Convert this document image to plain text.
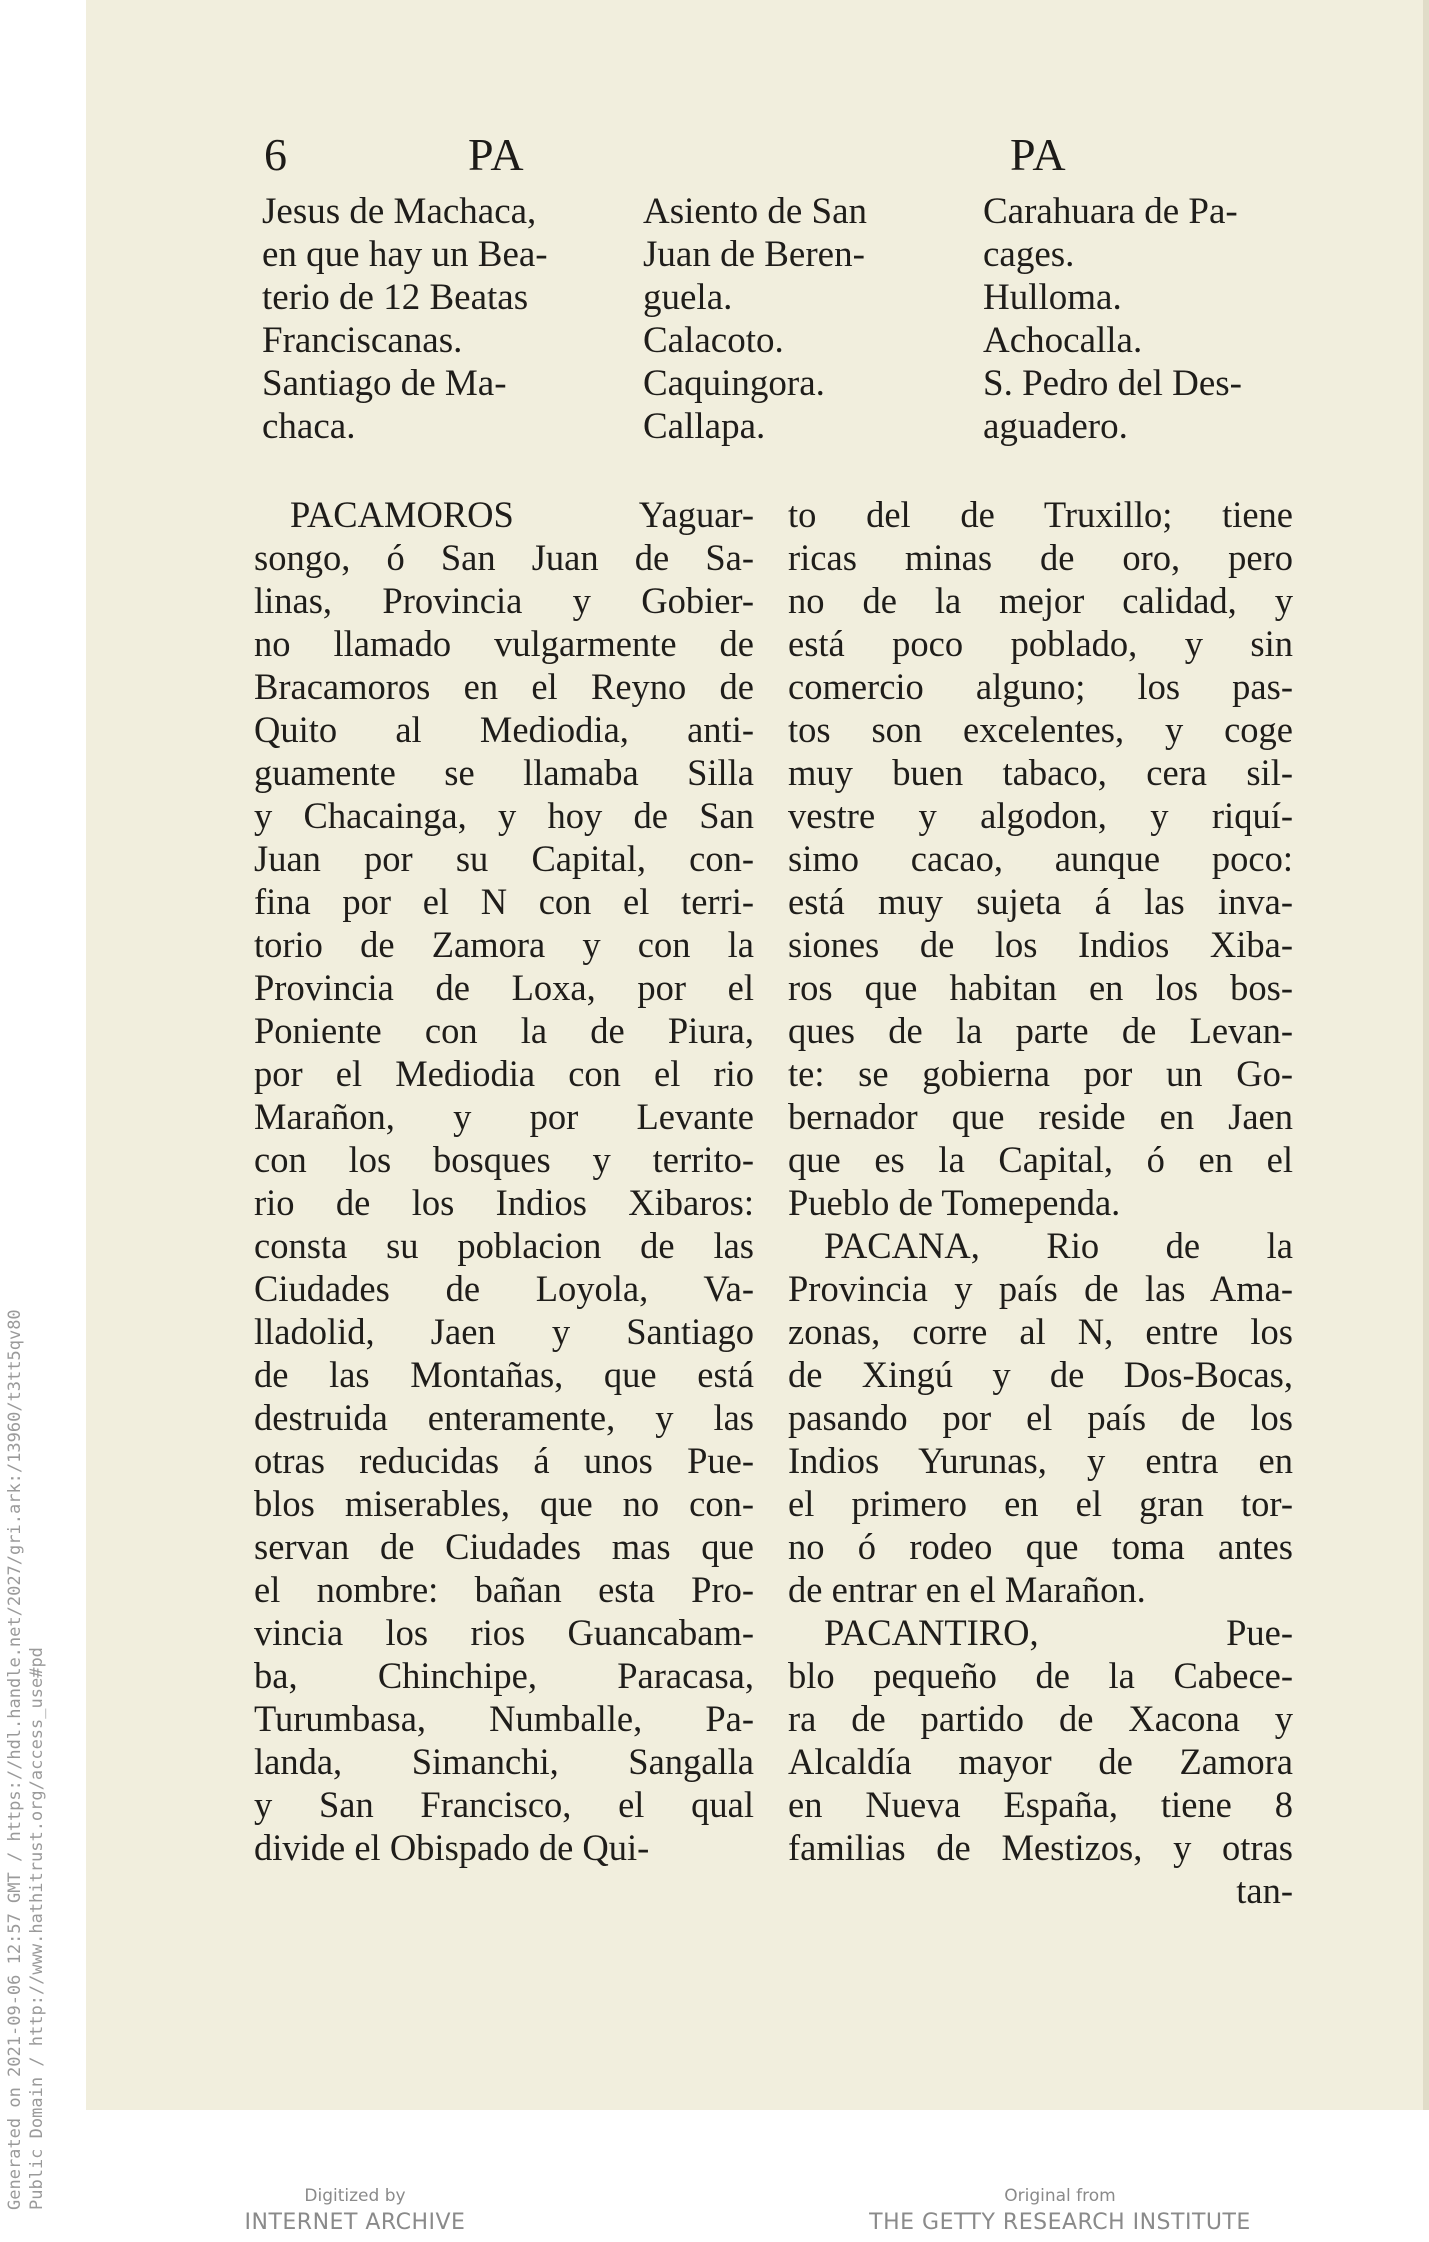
6	PA	PA
Jesus de Machaca,
en que hay un Bea-
terio de 12 Beatas
Franciscanas.
Santiago de Ma-
chaca.
Asiento de San
Juan de Beren-
guela.
Calacoto.
Caquingora.
Callapa.
Carahuara de Pa-
cages.
Hulloma.
Achocalla.
S. Pedro del Des-
aguadero.
PACAMOROS Yaguar-
songo, ó San Juan de Sa-
linas, Provincia y Gobier-
no llamado vulgarmente de
Bracamoros en el Reyno de
Quito al Mediodia, anti-
guamente se llamaba Silla
y Chacainga, y hoy de San
Juan por su Capital, con-
fina por el N con el terri-
torio de Zamora y con la
Provincia de Loxa, por el
Poniente con la de Piura,
por el Mediodia con el rio
Marañon, y por Levante
con los bosques y territo-
rio de los Indios Xibaros:
consta su poblacion de las
Ciudades de Loyola, Va-
lladolid, Jaen y Santiago
de las Montañas, que está
destruida enteramente, y las
otras reducidas á unos Pue-
blos miserables, que no con-
servan de Ciudades mas que
el nombre: bañan esta Pro-
vincia los rios Guancabam-
ba, Chinchipe, Paracasa,
Turumbasa, Numballe, Pa-
landa, Simanchi, Sangalla
y San Francisco, el qual
divide el Obispado de Qui-
to del de Truxillo; tiene
ricas minas de oro, pero
no de la mejor calidad, y
está poco poblado, y sin
comercio alguno; los pas-
tos son excelentes, y coge
muy buen tabaco, cera sil-
vestre y algodon, y riquí-
simo cacao, aunque poco:
está muy sujeta á las inva-
siones de los Indios Xiba-
ros que habitan en los bos-
ques de la parte de Levan-
te: se gobierna por un Go-
bernador que reside en Jaen
que es la Capital, ó en el
Pueblo de Tomependa.
PACANA, Rio de la
Provincia y país de las Ama-
zonas, corre al N, entre los
de Xingú y de Dos-Bocas,
pasando por el país de los
Indios Yurunas, y entra en
el primero en el gran tor-
no ó rodeo que toma antes
de entrar en el Marañon.
PACANTIRO, Pue-
blo pequeño de la Cabece-
ra de partido de Xacona y
Alcaldía mayor de Zamora
en Nueva España, tiene 8
familias de Mestizos, y otras
tan-
Generated on 2021-09-06 12:57 GMT / https://hdl.handle.net/2027/gri.ark:/13960/t3tt5qv80 Public Domain / http://www.hathitrust.org/access_use#pd	Digitized by
INTERNET ARCHIVE
Original from
THE GETTY RESEARCH INSTITUTE
